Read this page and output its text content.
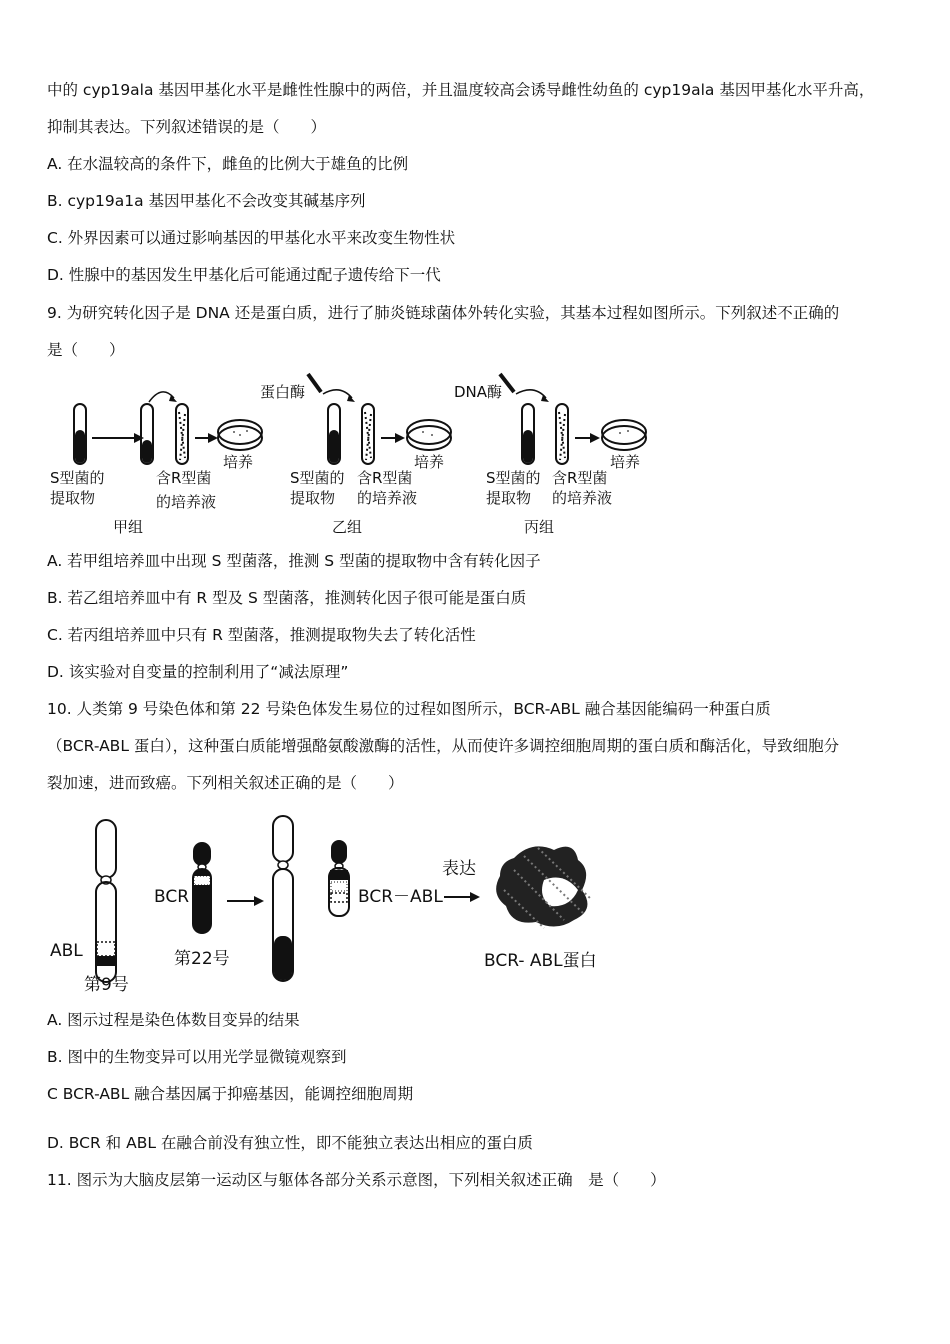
中的 cyp19ala 基因甲基化水平是雌性性腺中的两倍，并且温度较高会诱导雌性幼鱼的 cyp19ala 基因甲基化水平升高，
抑制其表达。下列叙述错误的是（　　）
A. 在水温较高的条件下，雌鱼的比例大于雄鱼的比例
B. cyp19a1a 基因甲基化不会改变其碱基序列
C. 外界因素可以通过影响基因的甲基化水平来改变生物性状
D. 性腺中的基因发生甲基化后可能通过配子遗传给下一代
9. 为研究转化因子是 DNA 还是蛋白质，进行了肺炎链球菌体外转化实验，其基本过程如图所示。下列叙述不正确的
是（　　）
S型菌的
提取物
含R型菌
的培养液
培养
甲组
蛋白酶
S型菌的
提取物
含R型菌
的培养液
培养
乙组
DNA酶
S型菌的
提取物
含R型菌
的培养液
培养
丙组
A. 若甲组培养皿中出现 S 型菌落，推测 S 型菌的提取物中含有转化因子
B. 若乙组培养皿中有 R 型及 S 型菌落，推测转化因子很可能是蛋白质
C. 若丙组培养皿中只有 R 型菌落，推测提取物失去了转化活性
D. 该实验对自变量的控制利用了“减法原理”
10. 人类第 9 号染色体和第 22 号染色体发生易位的过程如图所示，BCR-ABL 融合基因能编码一种蛋白质
（BCR-ABL 蛋白），这种蛋白质能增强酪氨酸激酶的活性，从而使许多调控细胞周期的蛋白质和酶活化，导致细胞分
裂加速，进而致癌。下列相关叙述正确的是（　　）
ABL
第9号
BCR
第22号
BCR－ABL
表达
BCR- ABL蛋白
A. 图示过程是染色体数目变异的结果
B. 图中的生物变异可以用光学显微镜观察到
C BCR-ABL 融合基因属于抑癌基因，能调控细胞周期
D. BCR 和 ABL 在融合前没有独立性，即不能独立表达出相应的蛋白质
11. 图示为大脑皮层第一运动区与躯体各部分关系示意图，下列相关叙述正确　是（　　）
